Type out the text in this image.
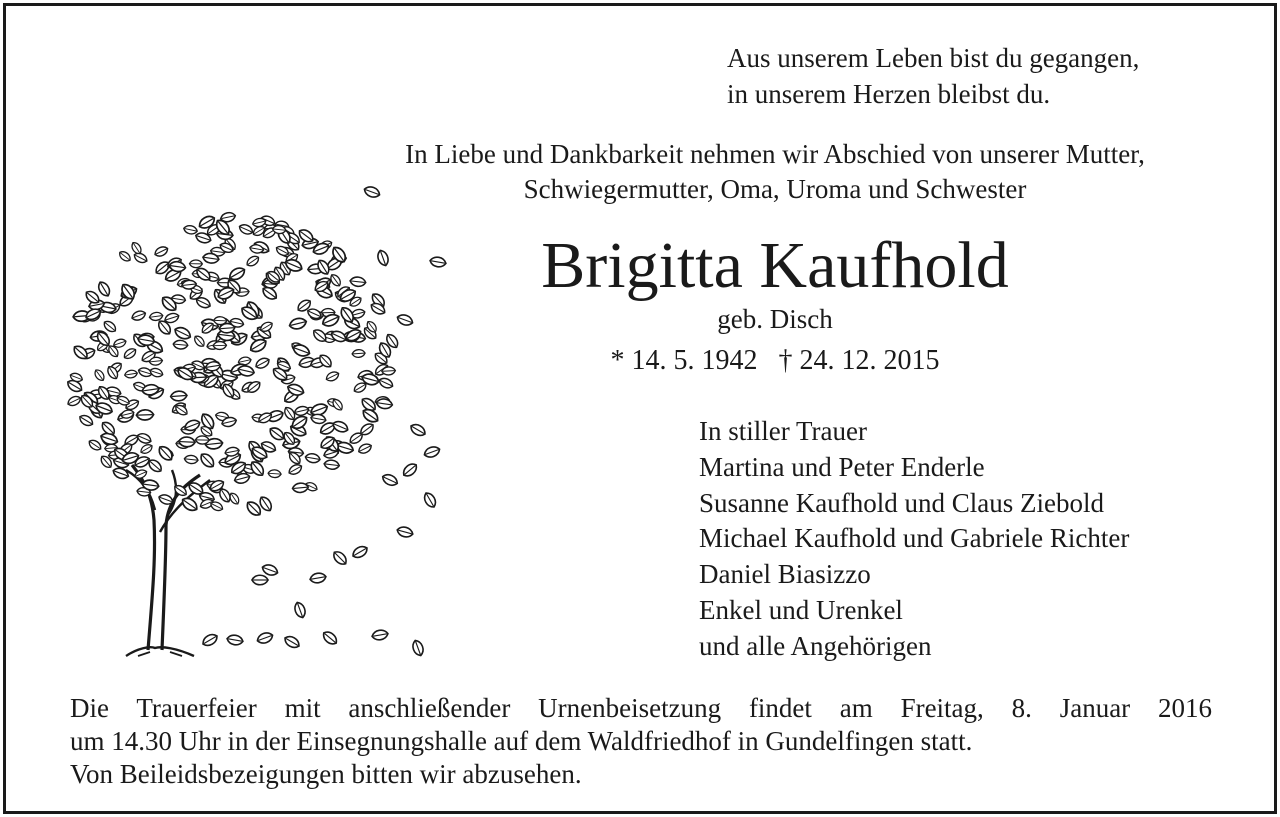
Aus unserem Leben bist du gegangen,
in unserem Herzen bleibst du.
In Liebe und Dankbarkeit nehmen wir Abschied von unserer Mutter,
Schwiegermutter, Oma, Uroma und Schwester
Brigitta Kaufhold
geb. Disch
* 14. 5. 1942   † 24. 12. 2015
In stiller Trauer
Martina und Peter Enderle
Susanne Kaufhold und Claus Ziebold
Michael Kaufhold und Gabriele Richter
Daniel Biasizzo
Enkel und Urenkel
und alle Angehörigen
Die Trauerfeier mit anschließender Urnenbeisetzung findet am Freitag, 8. Januar 2016
um 14.30 Uhr in der Einsegnungshalle auf dem Waldfriedhof in Gundelfingen statt.
Von Beileidsbezeigungen bitten wir abzusehen.
